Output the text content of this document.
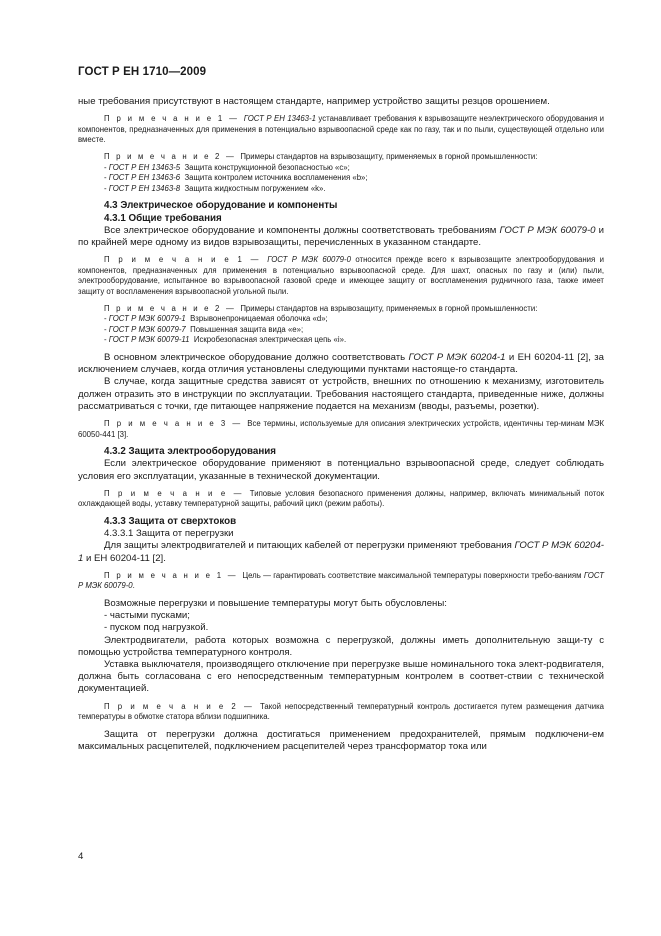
ГОСТ Р ЕН 1710—2009

ные требования присутствуют в настоящем стандарте, например устройство защиты резцов орошением.

П р и м е ч а н и е 1 — ГОСТ Р ЕН 13463-1 устанавливает требования к взрывозащите неэлектрического оборудования и компонентов, предназначенных для применения в потенциально взрывоопасной среде как по газу, так и по пыли, существующей отдельно или вместе.

П р и м е ч а н и е 2 — Примеры стандартов на взрывозащиту, применяемых в горной промышленности:

- ГОСТ Р ЕН 13463-5 Защита конструкционной безопасностью «с»;
- ГОСТ Р ЕН 13463-6 Защита контролем источника воспламенения «b»;
- ГОСТ Р ЕН 13463-8 Защита жидкостным погружением «k».
4.3 Электрическое оборудование и компоненты
4.3.1 Общие требования

Все электрическое оборудование и компоненты должны соответствовать требованиям ГОСТ Р МЭК 60079-0 и по крайней мере одному из видов взрывозащиты, перечисленных в указанном стандарте.

П р и м е ч а н и е 1 — ГОСТ Р МЭК 60079-0 относится прежде всего к взрывозащите электрооборудования и компонентов, предназначенных для применения в потенциально взрывоопасной среде. Для шахт, опасных по газу и (или) пыли, электрооборудование, испытанное во взрывоопасной газовой среде и имеющее защиту от воспламенения рудничного газа, также имеет защиту от воспламенения взрывоопасной угольной пыли.

П р и м е ч а н и е 2 — Примеры стандартов на взрывозащиту, применяемых в горной промышленности:

- ГОСТ Р МЭК 60079-1 Взрывонепроницаемая оболочка «d»;
- ГОСТ Р МЭК 60079-7 Повышенная защита вида «е»;
- ГОСТ Р МЭК 60079-11 Искробезопасная электрическая цепь «i».

В основном электрическое оборудование должно соответствовать ГОСТ Р МЭК 60204-1 и ЕН 60204-11 [2], за исключением случаев, когда отличия установлены следующими пунктами настояще-го стандарта.

В случае, когда защитные средства зависят от устройств, внешних по отношению к механизму, изготовитель должен отразить это в инструкции по эксплуатации. Требования настоящего стандарта, приведенные ниже, должны рассматриваться с точки, где питающее напряжение подается на механизм (вводы, разъемы, розетки).

П р и м е ч а н и е 3 — Все термины, используемые для описания электрических устройств, идентичны тер-минам МЭК 60050-441 [3].

4.3.2 Защита электрооборудования

Если электрическое оборудование применяют в потенциально взрывоопасной среде, следует соблюдать условия его эксплуатации, указанные в технической документации.

П р и м е ч а н и е — Типовые условия безопасного применения должны, например, включать минимальный поток охлаждающей воды, уставку температурной защиты, рабочий цикл (режим работы).

4.3.3 Защита от сверхтоков
4.3.3.1 Защита от перегрузки

Для защиты электродвигателей и питающих кабелей от перегрузки применяют требования ГОСТ Р МЭК 60204-1 и ЕН 60204-11 [2].

П р и м е ч а н и е 1 — Цель — гарантировать соответствие максимальной температуры поверхности требо-ваниям ГОСТ Р МЭК 60079-0.

Возможные перегрузки и повышение температуры могут быть обусловлены:

- частыми пусками;
- пуском под нагрузкой.

Электродвигатели, работа которых возможна с перегрузкой, должны иметь дополнительную защи-ту с помощью устройства температурного контроля.

Уставка выключателя, производящего отключение при перегрузке выше номинального тока элект-родвигателя, должна быть согласована с его непосредственным температурным контролем в соответ-ствии с технической документацией.

П р и м е ч а н и е 2 — Такой непосредственный температурный контроль достигается путем размещения датчика температуры в обмотке статора вблизи подшипника.

Защита от перегрузки должна достигаться применением предохранителей, прямым подключени-ем максимальных расцепителей, подключением расцепителей через трансформатор тока или

4
